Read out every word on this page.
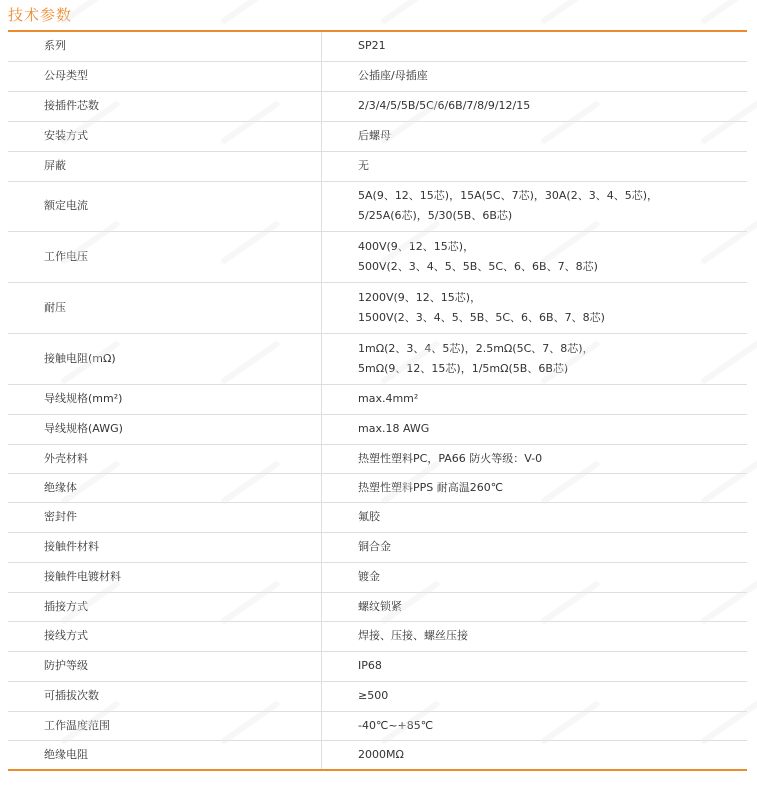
技术参数
系列	SP21

公母类型	公插座/母插座

接插件芯数	2/3/4/5/5B/5C/6/6B/7/8/9/12/15

安装方式	后螺母

屏蔽	无

额定电流	5A(9、12、15芯)，15A(5C、7芯)，30A(2、3、4、5芯)，
5/25A(6芯)，5/30(5B、6B芯)

工作电压	400V(9、12、15芯)，
500V(2、3、4、5、5B、5C、6、6B、7、8芯)

耐压	1200V(9、12、15芯)，
1500V(2、3、4、5、5B、5C、6、6B、7、8芯)

接触电阻(mΩ)	1mΩ(2、3、4、5芯)，2.5mΩ(5C、7、8芯)，
5mΩ(9、12、15芯)，1/5mΩ(5B、6B芯)

导线规格(mm²)	max.4mm²

导线规格(AWG)	max.18 AWG

外壳材料	热塑性塑料PC，PA66 防火等级：V-0

绝缘体	热塑性塑料PPS 耐高温260℃

密封件	氟胶

接触件材料	铜合金

接触件电镀材料	镀金

插接方式	螺纹锁紧

接线方式	焊接、压接、螺丝压接

防护等级	IP68

可插拔次数	≥500

工作温度范围	-40℃~+85℃

绝缘电阻	2000MΩ
